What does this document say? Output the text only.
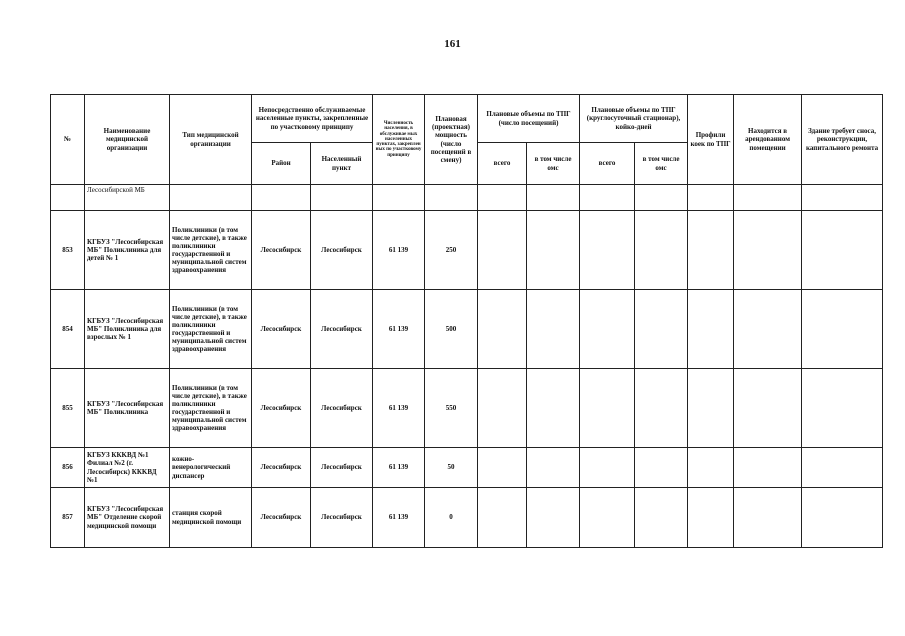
161
№	Наименование медицинской организации	Тип медицинской организации	Непосредственно обслуживаемые населенные пункты, закрепленные по участковому принципу		Численность населения, в обслуживае мых населенных пунктах, закреплен ных по участковому принципу	Плановая (проектная) мощность (число посещений в смену)	Плановые объемы по ТПГ (число посещений)		Плановые объемы по ТПГ (круглосуточный стационар), койко-дней		Профили коек по ТПГ	Находится в арендованном помещении	Здание требует сноса, реконструкции, капитального ремонта
			Район	Населенный пункт			всего	в том числе омс	всего	в том числе омс			
	Лесосибирской МБ												
853	КГБУЗ "Лесосибирская МБ" Поликлиника для детей № 1	Поликлиники (в том числе детские), в также поликлиники государственной и муниципальной систем здравоохранения	Лесосибирск	Лесосибирск	61 139	250							
854	КГБУЗ "Лесосибирская МБ" Поликлиника для взрослых № 1	Поликлиники (в том числе детские), в также поликлиники государственной и муниципальной систем здравоохранения	Лесосибирск	Лесосибирск	61 139	500							
855	КГБУЗ "Лесосибирская МБ" Поликлиника	Поликлиники (в том числе детские), в также поликлиники государственной и муниципальной систем здравоохранения	Лесосибирск	Лесосибирск	61 139	550							
856	КГБУЗ ККKВД №1 Филиал №2 (г. Лесосибирск) ККKВД №1	кожно-венерологический диспансер	Лесосибирск	Лесосибирск	61 139	50							
857	КГБУЗ "Лесосибирская МБ" Отделение скорой медицинской помощи	станция скорой медицинской помощи	Лесосибирск	Лесосибирск	61 139	0							
